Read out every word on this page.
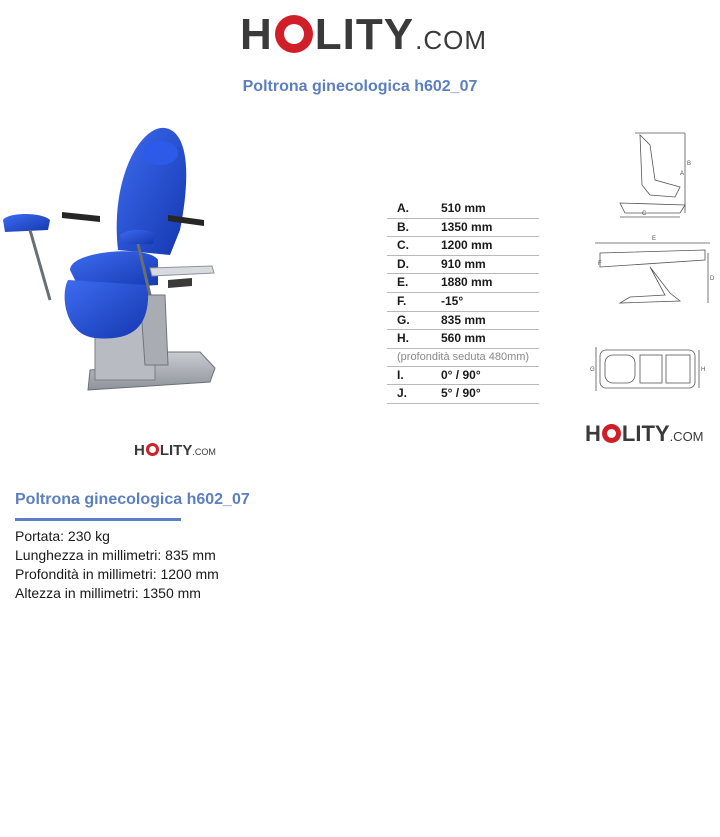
H LITY .COM
Poltrona ginecologica h602_07
A.	510 mm
B.	1350 mm
C.	1200 mm
D.	910 mm
E.	1880 mm
F.	-15°
G.	835 mm
H.	560 mm
(profondità seduta 480mm)
I.	0° / 90°
J.	5° / 90°
A
B
C
E
D
F
G	H
H LITY .COM
H LITY .COM
Poltrona ginecologica h602_07
Portata: 230 kg
Lunghezza in millimetri: 835 mm
Profondità in millimetri: 1200 mm
Altezza in millimetri: 1350 mm
